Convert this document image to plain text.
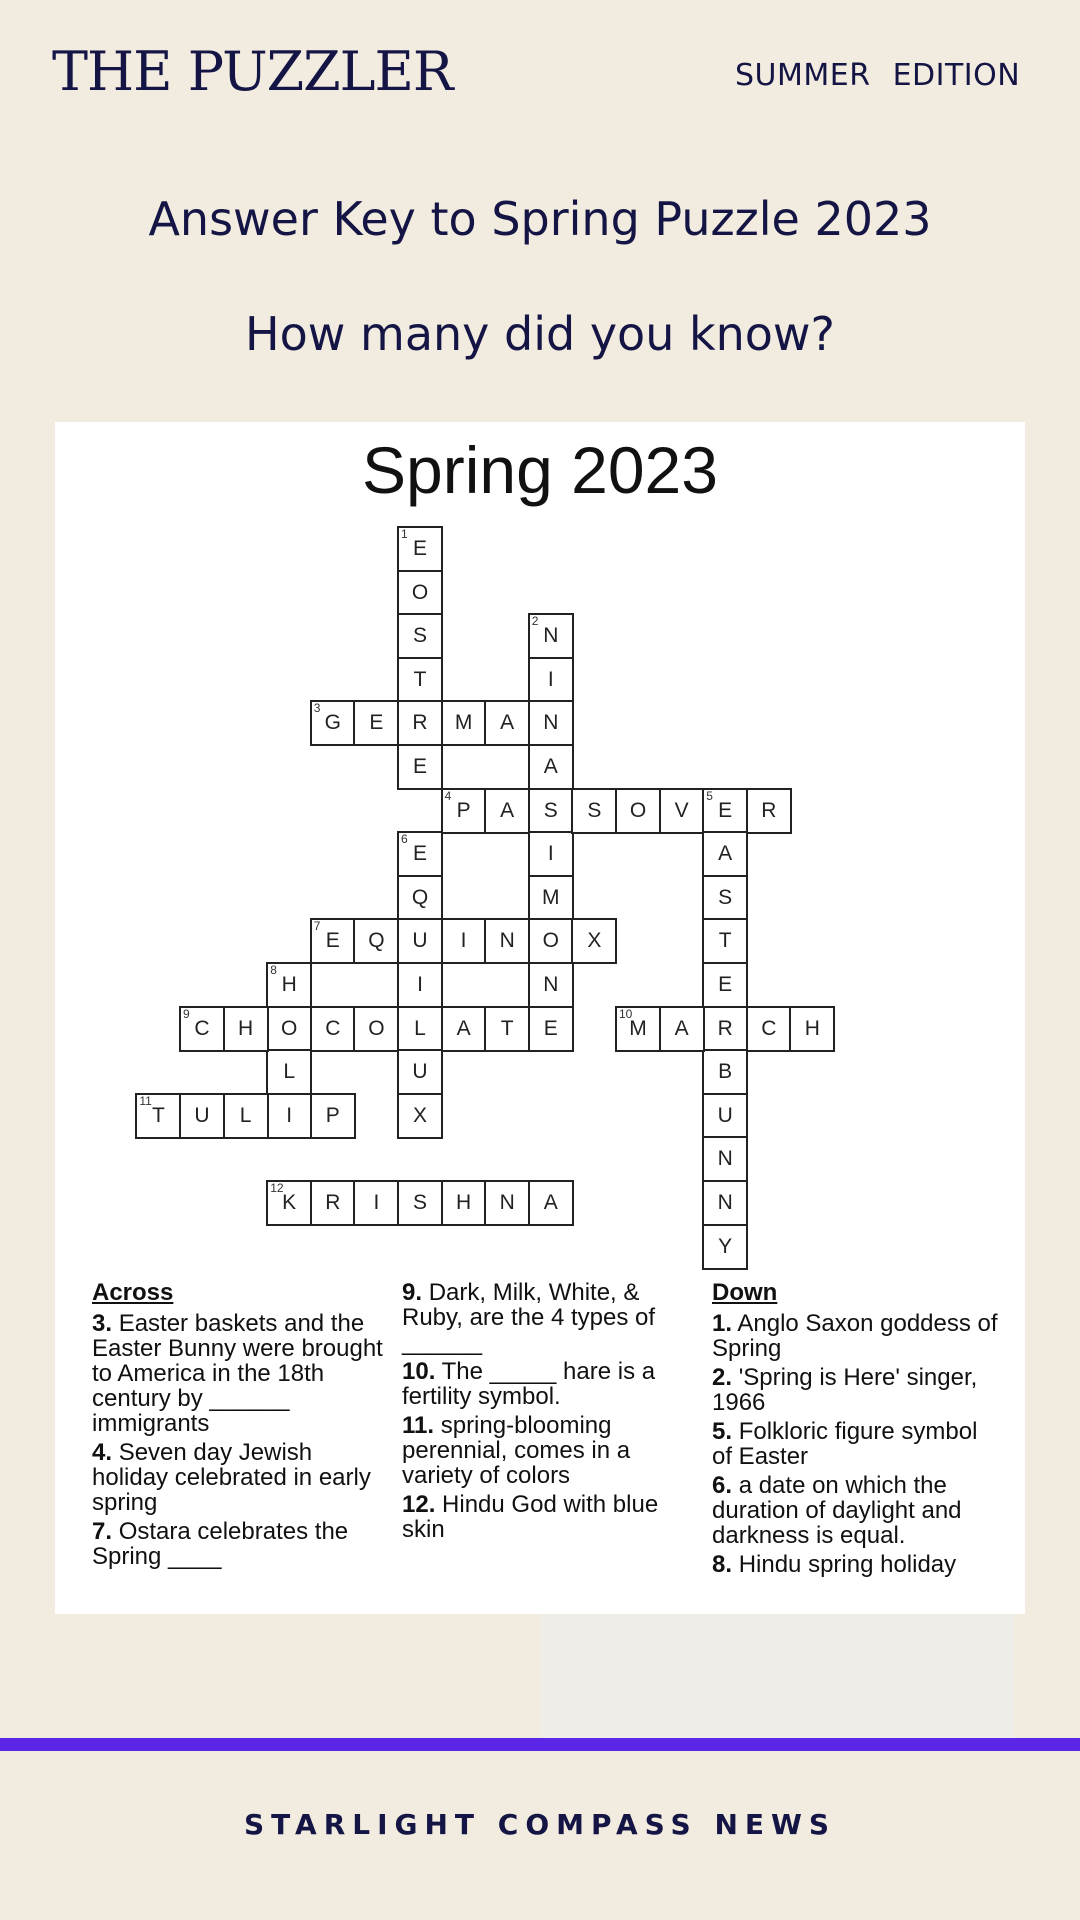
THE PUZZLER	SUMMER EDITION
Answer Key to Spring Puzzle 2023
How many did you know?
Spring 2023
E
1
O
S
T
R
E
N
2
I
N
A
S
I
M
O
N
E
G
3
E	M A
P
4
A	S O V E
5
R
A
S
T
E
R
B
U
N
N
Y
E
6
Q
U
I
L
U
X
E
7
Q	I N	X
H
8
O
L
I
C
9
H	C O	A T	M
10
A	C H
T
11
U L	P
K
12
R I S H N A
Across
3. Easter baskets and the Easter Bunny were brought to America in the 18th century by ______ immigrants
4. Seven day Jewish holiday celebrated in early spring
7. Ostara celebrates the Spring ____
9. Dark, Milk, White, & Ruby, are the 4 types of ______
10. The _____ hare is a fertility symbol.
11. spring-blooming perennial, comes in a variety of colors
12. Hindu God with blue skin
Down
1. Anglo Saxon goddess of Spring
2. 'Spring is Here' singer, 1966
5. Folkloric figure symbol of Easter
6. a date on which the duration of daylight and darkness is equal.
8. Hindu spring holiday
STARLIGHT COMPASS NEWS
